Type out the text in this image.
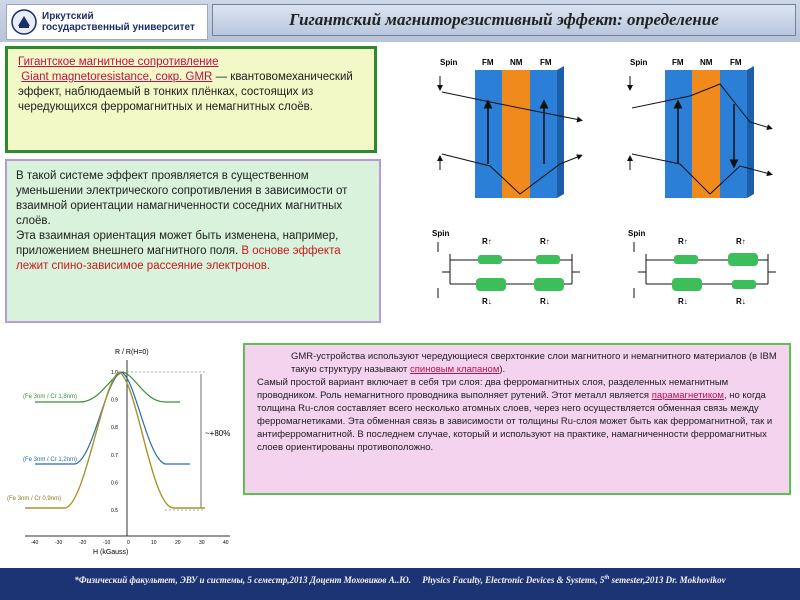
Иркутский
государственный университет	Гигантский магниторезистивный эффект: определение
Гигантское магнитное сопротивление
Giant magnetoresistance, сокр. GMR — квантовомеханический эффект, наблюдаемый в тонких плёнках, состоящих из чередующихся ферромагнитных и немагнитных слоёв.
В такой системе эффект проявляется в существенном уменьшении электрического сопротивления в зависимости от взаимной ориентации намагниченности соседних магнитных слоёв.
Эта взаимная ориентация может быть изменена, например, приложением внешнего магнитного поля. В основе эффекта лежит спино-зависимое рассеяние электронов.
Spin	FM NM FM	Spin	FM NM FM
Spin
R↑	R↑
R↓	R↓
Spin
R↑	R↑
R↓	R↓
R / R(H=0)
H (kGauss)
~+80%
1.0
0.9
0.8
0.7
0.6
0.5
-40	-30	-20	-10	0	10	20	30	40
(Fe 3nm / Cr 1,8nm)
(Fe 3nm / Cr 1,2nm)
(Fe 3nm / Cr 0,9nm)
GMR-устройства используют чередующиеся сверхтонкие слои магнитного и немагнитного материалов (в IBM такую структуру называют спиновым клапаном).
Самый простой вариант включает в себя три слоя: два ферромагнитных слоя, разделенных немагнитным проводником. Роль немагнитного проводника выполняет рутений. Этот металл является парамагнетиком, но когда толщина Ru-слоя составляет всего несколько атомных слоев, через него осуществляется обменная связь между ферромагнетиками. Эта обменная связь в зависимости от толщины Ru-слоя может быть как ферромагнитной, так и антиферромагнитной. В последнем случае, который и используют на практике, намагниченности ферромагнитных слоев ориентированы противоположно.
*Физический факультет, ЭВУ и системы, 5 семестр,2013 Доцент Моховиков А..Ю. Physics Faculty, Electronic Devices & Systems, 5th semester,2013 Dr. Mokhovikov
